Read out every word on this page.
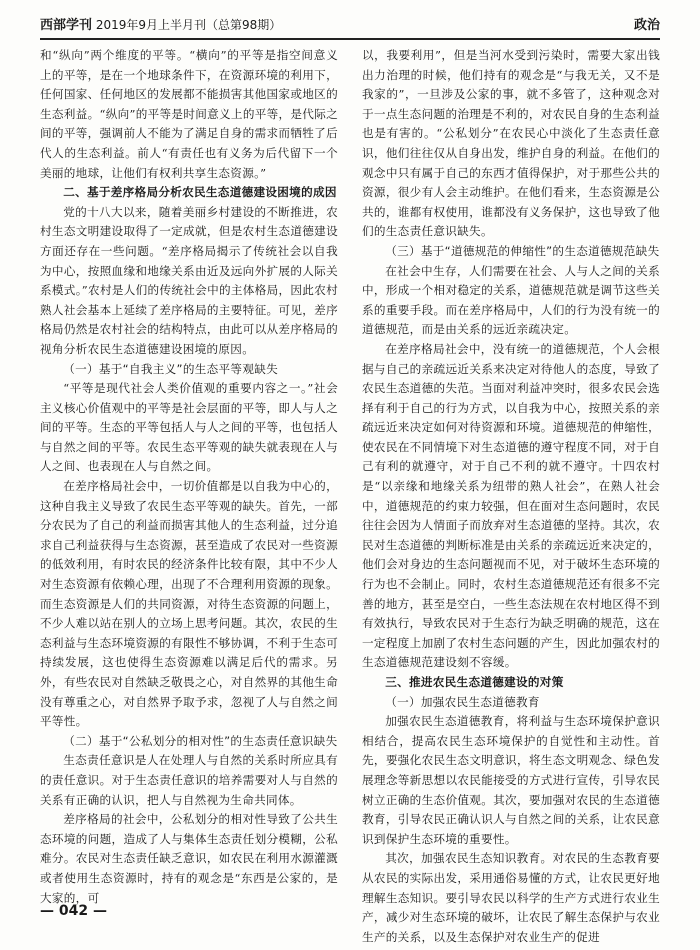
西部学刊 2019年9月上半月刊（总第98期）	政治

和“纵向”两个维度的平等。“横向”的平等是指空间意义上的平等，是在一个地球条件下，在资源环境的利用下，任何国家、任何地区的发展都不能损害其他国家或地区的生态利益。“纵向”的平等是时间意义上的平等，是代际之间的平等，强调前人不能为了满足自身的需求而牺牲了后代人的生态利益。前人“有责任也有义务为后代留下一个美丽的地球，让他们有权利共享生态资源。”

二、基于差序格局分析农民生态道德建设困境的成因

党的十八大以来，随着美丽乡村建设的不断推进，农村生态文明建设取得了一定成就，但是农村生态道德建设方面还存在一些问题。“差序格局揭示了传统社会以自我为中心，按照血缘和地缘关系由近及远向外扩展的人际关系模式。”农村是人们的传统社会中的主体格局，因此农村熟人社会基本上延续了差序格局的主要特征。可见，差序格局仍然是农村社会的结构特点，由此可以从差序格局的视角分析农民生态道德建设困境的原因。

（一）基于“自我主义”的生态平等观缺失

“平等是现代社会人类价值观的重要内容之一。”社会主义核心价值观中的平等是社会层面的平等，即人与人之间的平等。生态的平等包括人与人之间的平等，也包括人与自然之间的平等。农民生态平等观的缺失就表现在人与人之间、也表现在人与自然之间。

在差序格局社会中，一切价值都是以自我为中心的，这种自我主义导致了农民生态平等观的缺失。首先，一部分农民为了自己的利益而损害其他人的生态利益，过分追求自己利益获得与生态资源，甚至造成了农民对一些资源的低效利用，有时农民的经济条件比较有限，其中不少人对生态资源有依赖心理，出现了不合理利用资源的现象。而生态资源是人们的共同资源，对待生态资源的问题上，不少人难以站在别人的立场上思考问题。其次，农民的生态利益与生态环境资源的有限性不够协调，不利于生态可持续发展，这也使得生态资源难以满足后代的需求。另外，有些农民对自然缺乏敬畏之心，对自然界的其他生命没有尊重之心，对自然界予取予求，忽视了人与自然之间平等性。

（二）基于“公私划分的相对性”的生态责任意识缺失

生态责任意识是人在处理人与自然的关系时所应具有的责任意识。对于生态责任意识的培养需要对人与自然的关系有正确的认识，把人与自然视为生命共同体。

差序格局的社会中，公私划分的相对性导致了公共生态环境的问题，造成了人与集体生态责任划分模糊，公私难分。农民对生态责任缺乏意识，如农民在利用水源灌溉或者使用生态资源时，持有的观念是“东西是公家的，是大家的，可

以，我要利用”，但是当河水受到污染时，需要大家出钱出力治理的时候，他们持有的观念是“与我无关，又不是我家的”，一旦涉及公家的事，就不多管了，这种观念对于一点生态问题的治理是不利的，对农民自身的生态利益也是有害的。“公私划分”在农民心中淡化了生态责任意识，他们往往仅从自身出发，维护自身的利益。在他们的观念中只有属于自己的东西才值得保护，对于那些公共的资源，很少有人会主动维护。在他们看来，生态资源是公共的，谁都有权使用，谁都没有义务保护，这也导致了他们的生态责任意识缺失。

（三）基于“道德规范的伸缩性”的生态道德规范缺失

在社会中生存，人们需要在社会、人与人之间的关系中，形成一个相对稳定的关系，道德规范就是调节这些关系的重要手段。而在差序格局中，人们的行为没有统一的道德规范，而是由关系的远近亲疏决定。

在差序格局社会中，没有统一的道德规范，个人会根据与自己的亲疏远近关系来决定对待他人的态度，导致了农民生态道德的失范。当面对利益冲突时，很多农民会选择有利于自己的行为方式，以自我为中心，按照关系的亲疏远近来决定如何对待资源和环境。道德规范的伸缩性，使农民在不同情境下对生态道德的遵守程度不同，对于自己有利的就遵守，对于自己不利的就不遵守。十四农村是“以亲缘和地缘关系为纽带的熟人社会”，在熟人社会中，道德规范的约束力较强，但在面对生态问题时，农民往往会因为人情面子而放弃对生态道德的坚持。其次，农民对生态道德的判断标准是由关系的亲疏远近来决定的，他们会对身边的生态问题视而不见，对于破坏生态环境的行为也不会制止。同时，农村生态道德规范还有很多不完善的地方，甚至是空白，一些生态法规在农村地区得不到有效执行，导致农民对于生态行为缺乏明确的规范，这在一定程度上加剧了农村生态问题的产生，因此加强农村的生态道德规范建设刻不容缓。

三、推进农民生态道德建设的对策
（一）加强农民生态道德教育

加强农民生态道德教育，将利益与生态环境保护意识相结合，提高农民生态环境保护的自觉性和主动性。首先，要强化农民生态文明意识，将生态文明观念、绿色发展理念等新思想以农民能接受的方式进行宣传，引导农民树立正确的生态价值观。其次，要加强对农民的生态道德教育，引导农民正确认识人与自然之间的关系，让农民意识到保护生态环境的重要性。

其次，加强农民生态知识教育。对农民的生态教育要从农民的实际出发，采用通俗易懂的方式，让农民更好地理解生态知识。要引导农民以科学的生产方式进行农业生产，减少对生态环境的破坏，让农民了解生态保护与农业生产的关系，以及生态保护对农业生产的促进

— 042 —
